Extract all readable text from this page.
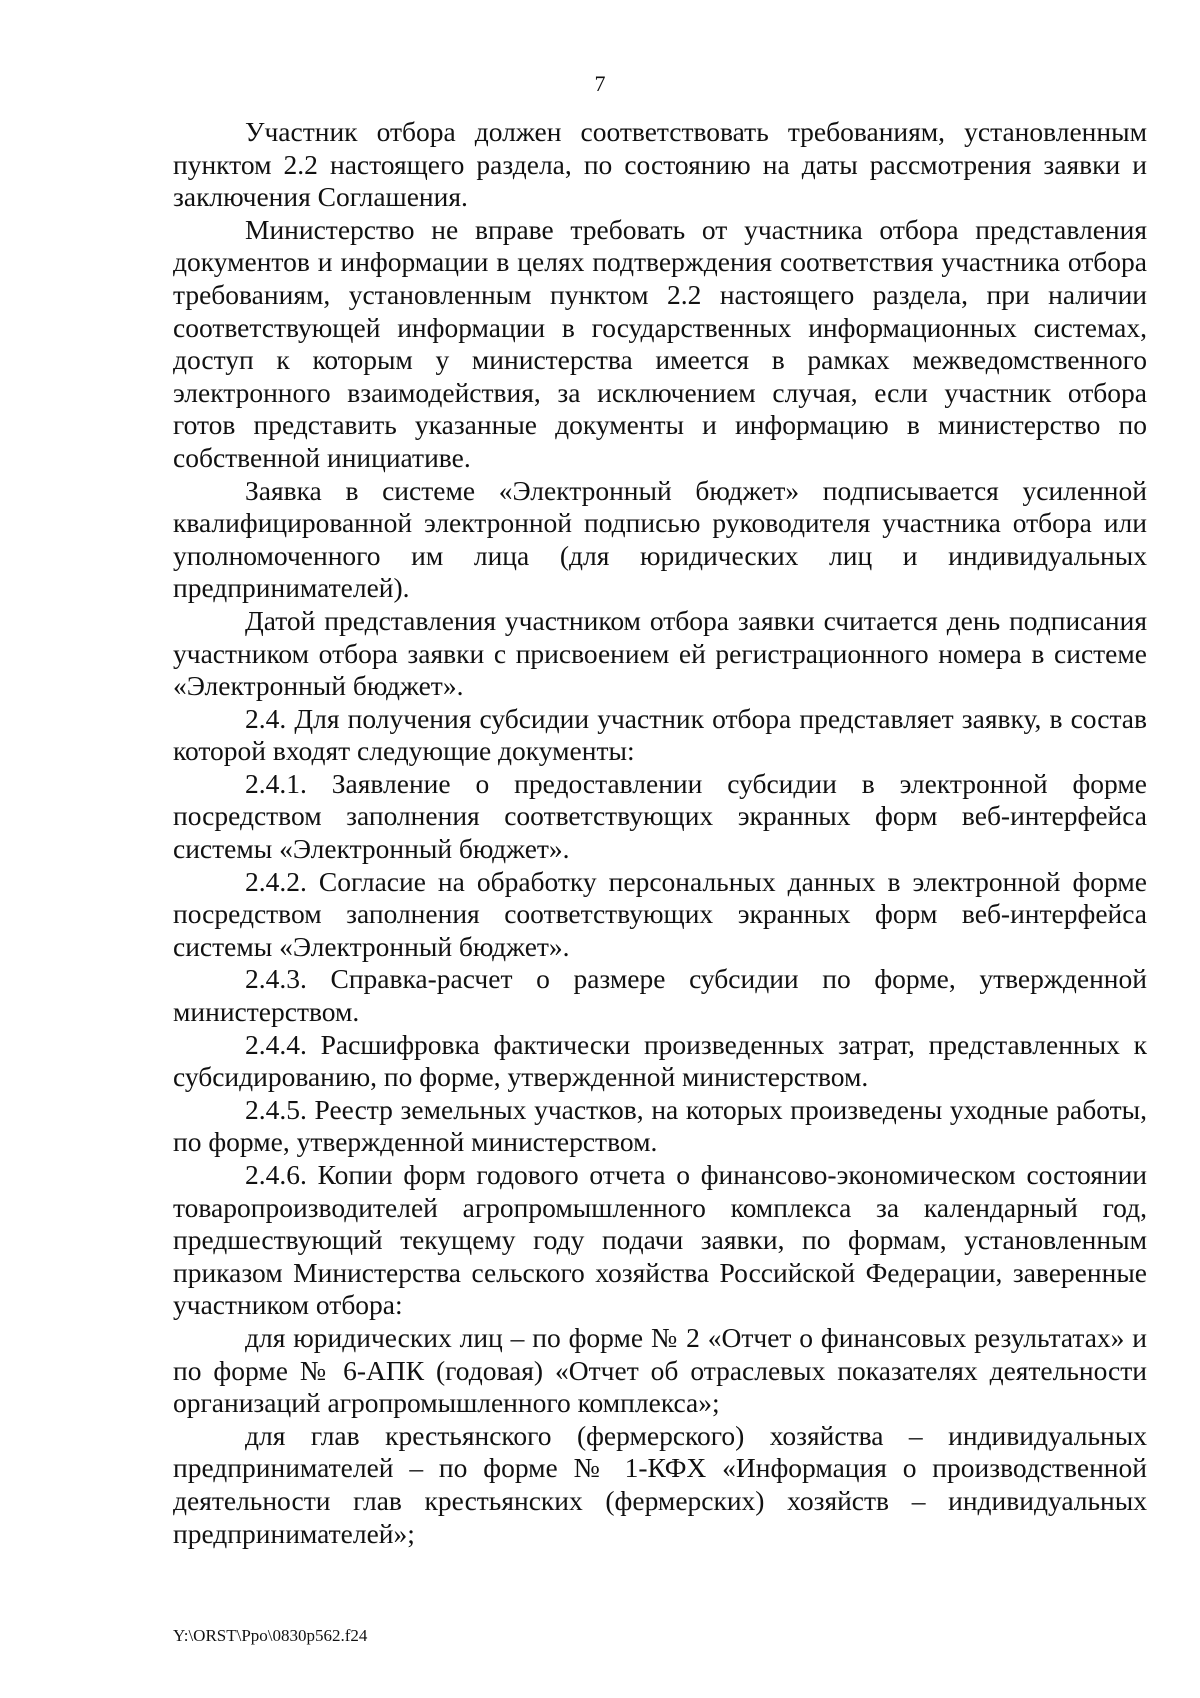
7

Участник отбора должен соответствовать требованиям, установленным пунктом 2.2 настоящего раздела, по состоянию на даты рассмотрения заявки и заключения Соглашения.

Министерство не вправе требовать от участника отбора представления документов и информации в целях подтверждения соответствия участника отбора требованиям, установленным пунктом 2.2 настоящего раздела, при наличии соответствующей информации в государственных информационных системах, доступ к которым у министерства имеется в рамках межведомственного электронного взаимодействия, за исключением случая, если участник отбора готов представить указанные документы и информацию в министерство по собственной инициативе.

Заявка в системе «Электронный бюджет» подписывается усиленной квалифицированной электронной подписью руководителя участника отбора или уполномоченного им лица (для юридических лиц и индивидуальных предпринимателей).

Датой представления участником отбора заявки считается день подписания участником отбора заявки с присвоением ей регистрационного номера в системе «Электронный бюджет».

2.4. Для получения субсидии участник отбора представляет заявку, в состав которой входят следующие документы:

2.4.1. Заявление о предоставлении субсидии в электронной форме посредством заполнения соответствующих экранных форм веб-интерфейса системы «Электронный бюджет».

2.4.2. Согласие на обработку персональных данных в электронной форме посредством заполнения соответствующих экранных форм веб-интерфейса системы «Электронный бюджет».

2.4.3. Справка-расчет о размере субсидии по форме, утвержденной министерством.

2.4.4. Расшифровка фактически произведенных затрат, представленных к субсидированию, по форме, утвержденной министерством.

2.4.5. Реестр земельных участков, на которых произведены уходные работы, по форме, утвержденной министерством.

2.4.6. Копии форм годового отчета о финансово-экономическом состоянии товаропроизводителей агропромышленного комплекса за календарный год, предшествующий текущему году подачи заявки, по формам, установленным приказом Министерства сельского хозяйства Российской Федерации, заверенные участником отбора:

для юридических лиц – по форме № 2 «Отчет о финансовых результатах» и по форме № 6-АПК (годовая) «Отчет об отраслевых показателях деятельности организаций агропромышленного комплекса»;

для глав крестьянского (фермерского) хозяйства – индивидуальных предпринимателей – по форме № 1-КФХ «Информация о производственной деятельности глав крестьянских (фермерских) хозяйств – индивидуальных предпринимателей»;

Y:\ORST\Ppo\0830p562.f24
